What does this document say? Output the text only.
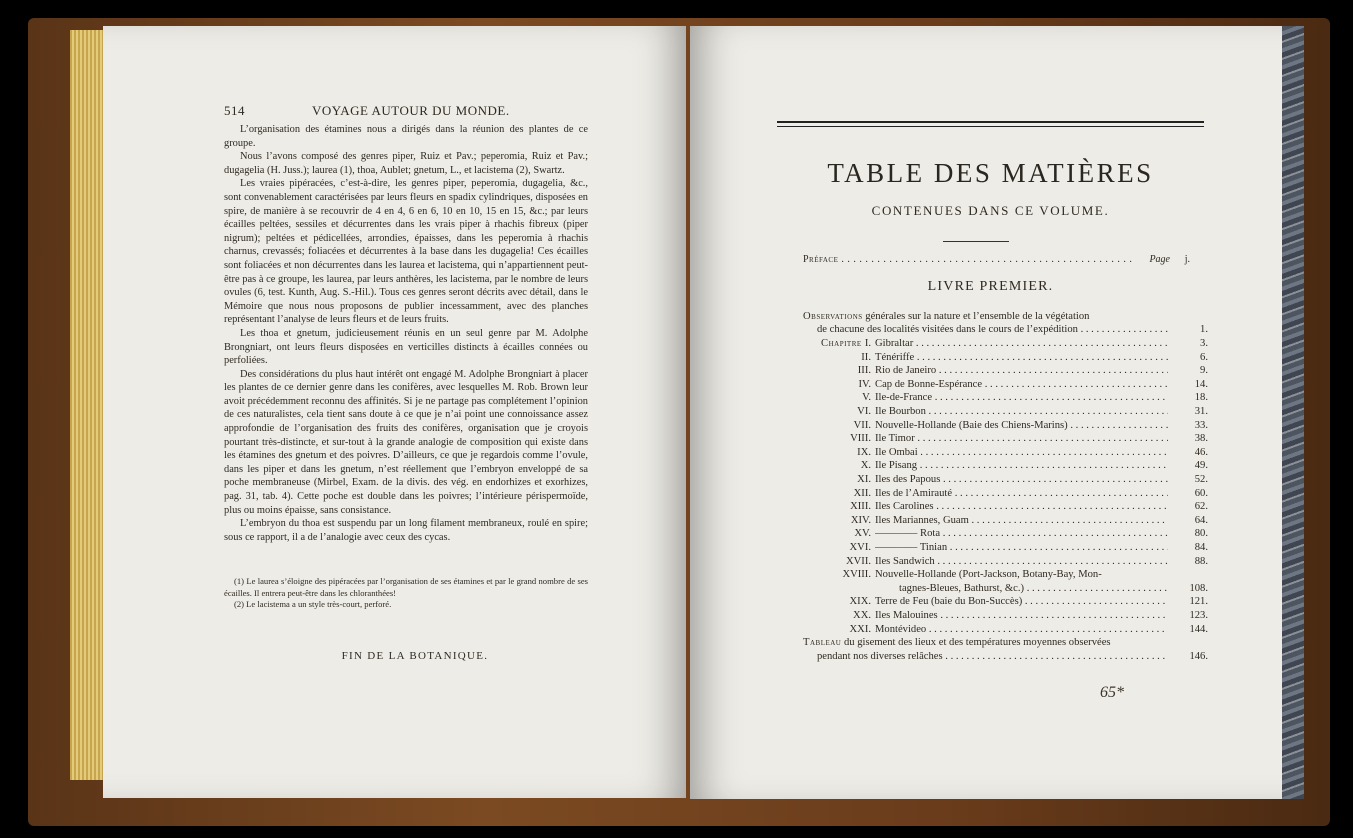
514	VOYAGE AUTOUR DU MONDE.

L’organisation des étamines nous a dirigés dans la réunion des plantes de ce groupe.

Nous l’avons composé des genres piper, Ruiz et Pav.; peperomia, Ruiz et Pav.; dugagelia (H. Juss.); laurea (1), thoa, Aublet; gnetum, L., et lacistema (2), Swartz.

Les vraies pipéracées, c’est-à-dire, les genres piper, peperomia, dugagelia, &c., sont convenablement caractérisées par leurs fleurs en spadix cylindriques, disposées en spire, de manière à se recouvrir de 4 en 4, 6 en 6, 10 en 10, 15 en 15, &c.; par leurs écailles peltées, sessiles et décurrentes dans les vrais piper à rhachis fibreux (piper nigrum); peltées et pédicellées, arrondies, épaisses, dans les peperomia à rhachis charnus, crevassés; foliacées et décurrentes à la base dans les dugagelia! Ces écailles sont foliacées et non décurrentes dans les laurea et lacistema, qui n’appartiennent peut-être pas à ce groupe, les laurea, par leurs anthères, les lacistema, par le nombre de leurs ovules (6, test. Kunth, Aug. S.-Hil.). Tous ces genres seront décrits avec détail, dans le Mémoire que nous nous proposons de publier incessamment, avec des planches représentant l’analyse de leurs fleurs et de leurs fruits.

Les thoa et gnetum, judicieusement réunis en un seul genre par M. Adolphe Brongniart, ont leurs fleurs disposées en verticilles distincts à écailles connées ou perfoliées.

Des considérations du plus haut intérêt ont engagé M. Adolphe Brongniart à placer les plantes de ce dernier genre dans les conifères, avec lesquelles M. Rob. Brown leur avoit précédemment reconnu des affinités. Si je ne partage pas complétement l’opinion de ces naturalistes, cela tient sans doute à ce que je n’ai point une connoissance assez approfondie de l’organisation des fruits des conifères, organisation que je croyois pourtant très-distincte, et sur-tout à la grande analogie de composition qui existe dans les étamines des gnetum et des poivres. D’ailleurs, ce que je regardois comme l’ovule, dans les piper et dans les gnetum, n’est réellement que l’embryon enveloppé de sa poche membraneuse (Mirbel, Exam. de la divis. des vég. en endorhizes et exorhizes, pag. 31, tab. 4). Cette poche est double dans les poivres; l’intérieure périspermoïde, plus ou moins épaisse, sans consistance.

L’embryon du thoa est suspendu par un long filament membraneux, roulé en spire; sous ce rapport, il a de l’analogie avec ceux des cycas.

(1) Le laurea s’éloigne des pipéracées par l’organisation de ses étamines et par le grand nombre de ses écailles. Il entrera peut-être dans les chloranthées!

(2) Le lacistema a un style très-court, perforé.

FIN DE LA BOTANIQUE.
TABLE DES MATIÈRES
CONTENUES DANS CE VOLUME.
Préface . . .	Page	j.
LIVRE PREMIER.
Observations générales sur la nature et l’ensemble de la végétation
de chacune des localités visitées dans le cours de l’expédition . . .	1.
Chapitre I. Gibraltar . . .	3.
II. Ténériffe . . .	6.
III. Rio de Janeiro . . .	9.
IV. Cap de Bonne-Espérance . . .	14.
V. Ile-de-France . . .	18.
VI. Ile Bourbon . . .	31.
VII. Nouvelle-Hollande (Baie des Chiens-Marins) . . .	33.
VIII. Ile Timor . . .	38.
IX. Ile Ombai . . .	46.
X. Ile Pisang . . .	49.
XI. Iles des Papous . . .	52.
XII. Iles de l’Amirauté . . .	60.
XIII. Iles Carolines . . .	62.
XIV. Iles Mariannes, Guam . . .	64.
XV. ———— Rota . . .	80.
XVI. ———— Tinian . . .	84.
XVII. Iles Sandwich . . .	88.
XVIII. Nouvelle-Hollande (Port-Jackson, Botany-Bay, Mon-
tagnes-Bleues, Bathurst, &c.) . . .	108.
XIX. Terre de Feu (baie du Bon-Succès) . . .	121.
XX. Iles Malouines . . .	123.
XXI. Montévideo . . .	144.
Tableau du gisement des lieux et des températures moyennes observées
pendant nos diverses relâches . . .	146.
65*
